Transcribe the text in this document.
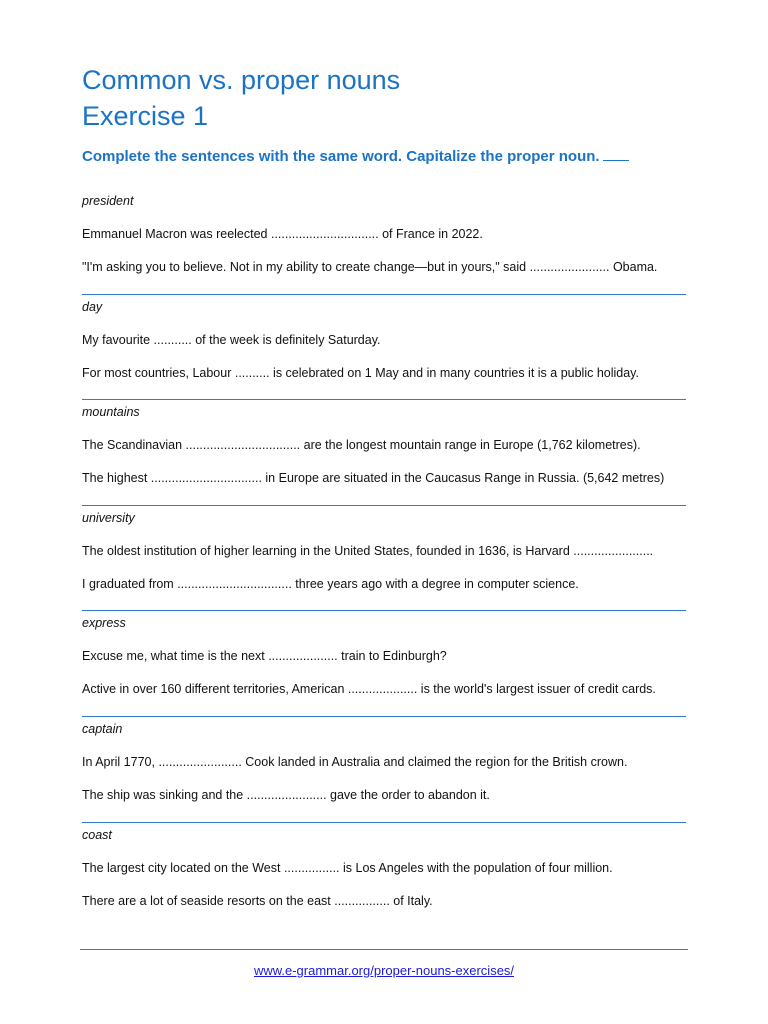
Common vs. proper nouns
Exercise 1

Complete the sentences with the same word. Capitalize the proper noun.

president
Emmanuel Macron was reelected ............................... of France in 2022.
"I'm asking you to believe. Not in my ability to create change—but in yours," said ....................... Obama.
day
My favourite ........... of the week is definitely Saturday.
For most countries, Labour .......... is celebrated on 1 May and in many countries it is a public holiday.
mountains
The Scandinavian ................................. are the longest mountain range in Europe (1,762 kilometres).
The highest ................................ in Europe are situated in the Caucasus Range in Russia. (5,642 metres)
university
The oldest institution of higher learning in the United States, founded in 1636, is Harvard .......................
I graduated from ................................. three years ago with a degree in computer science.
express
Excuse me, what time is the next .................... train to Edinburgh?
Active in over 160 different territories, American .................... is the world's largest issuer of credit cards.
captain
In April 1770, ........................ Cook landed in Australia and claimed the region for the British crown.
The ship was sinking and the ....................... gave the order to abandon it.
coast
The largest city located on the West ................ is Los Angeles with the population of four million.
There are a lot of seaside resorts on the east ................ of Italy.
www.e-grammar.org/proper-nouns-exercises/
